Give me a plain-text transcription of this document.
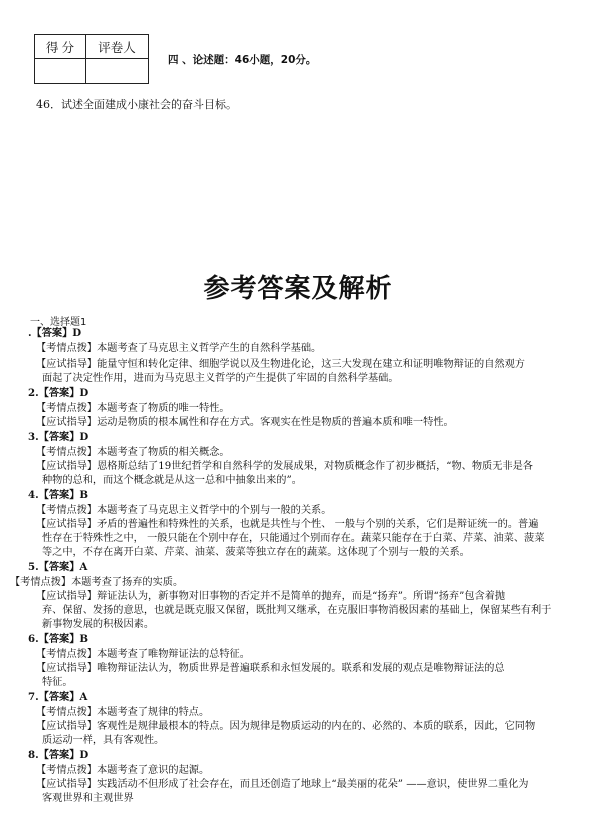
得 分	评卷人

四 、论述题：46小题，20分。
46．试述全面建成小康社会的奋斗目标。
参考答案及解析
一、选择题1
.【答案】D
【考情点拨】本题考查了马克思主义哲学产生的自然科学基础。
【应试指导】能量守恒和转化定律、细胞学说以及生物进化论，这三大发现在建立和证明唯物辩证的自然观方
面起了决定性作用，进而为马克思主义哲学的产生提供了牢固的自然科学基础。
2.【答案】D
【考情点拨】本题考查了物质的唯一特性。
【应试指导】运动是物质的根本属性和存在方式。客观实在性是物质的普遍本质和唯一特性。
3.【答案】D
【考情点拨】本题考查了物质的相关概念。
【应试指导】恩格斯总结了19世纪哲学和自然科学的发展成果，对物质概念作了初步概括，“物、物质无非是各
种物的总和，而这个概念就是从这一总和中抽象出来的”。
4.【答案】B
【考情点拨】本题考查了马克思主义哲学中的个别与一般的关系。
【应试指导】矛盾的普遍性和特殊性的关系，也就是共性与个性、 一般与个别的关系，它们是辩证统一的。普遍
性存在于特殊性之中， 一般只能在个别中存在，只能通过个别而存在。蔬菜只能存在于白菜、芹菜、油菜、菠菜
等之中，不存在离开白菜、芹菜、油菜、菠菜等独立存在的蔬菜。这体现了个别与一般的关系。
5.【答案】A
【考情点拨】本题考查了扬弃的实质。
【应试指导】辩证法认为，新事物对旧事物的否定并不是简单的抛弃，而是“扬弃”。所谓“扬弃”包含着抛
弃、保留、发扬的意思，也就是既克服又保留，既批判又继承，在克服旧事物消极因素的基础上，保留某些有利于
新事物发展的积极因素。
6.【答案】B
【考情点拨】本题考查了唯物辩证法的总特征。
【应试指导】唯物辩证法认为，物质世界是普遍联系和永恒发展的。联系和发展的观点是唯物辩证法的总
特征。
7.【答案】A
【考情点拨】本题考查了规律的特点。
【应试指导】客观性是规律最根本的特点。因为规律是物质运动的内在的、必然的、本质的联系，因此，它同物
质运动一样，具有客观性。
8.【答案】D
【考情点拨】本题考查了意识的起源。
【应试指导】实践活动不但形成了社会存在，而且还创造了地球上“最美丽的花朵” ——意识，使世界二重化为
客观世界和主观世界
